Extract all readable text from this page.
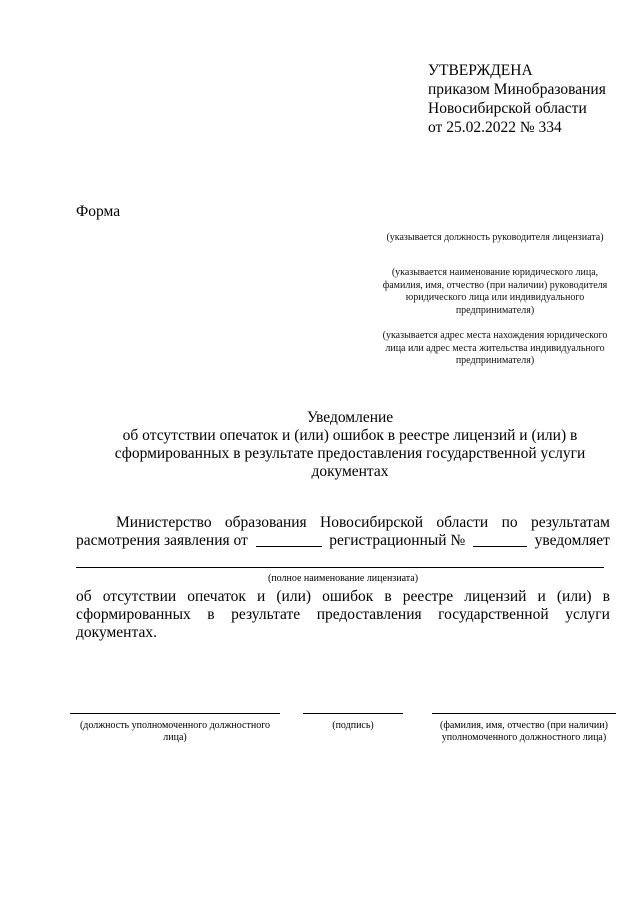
УТВЕРЖДЕНА
приказом Минобразования
Новосибирской области
от 25.02.2022 № 334
Форма
(указывается должность руководителя лицензиата)
(указывается наименование юридического лица, фамилия, имя, отчество (при наличии) руководителя юридического лица или индивидуального предпринимателя)
(указывается адрес места нахождения юридического лица или адрес места жительства индивидуального предпринимателя)
Уведомление
об отсутствии опечаток и (или) ошибок в реестре лицензий и (или) в
сформированных в результате предоставления государственной услуги
документах
Министерство образования Новосибирской области по результатам
расмотрения заявления от	регистрационный №	уведомляет
(полное наименование лицензиата)
об отсутствии опечаток и (или) ошибок в реестре лицензий и (или) в
сформированных в результате предоставления государственной услуги
документах.
(должность уполномоченного должностного лица)
(подпись)	(фамилия, имя, отчество (при наличии) уполномоченного должностного лица)
